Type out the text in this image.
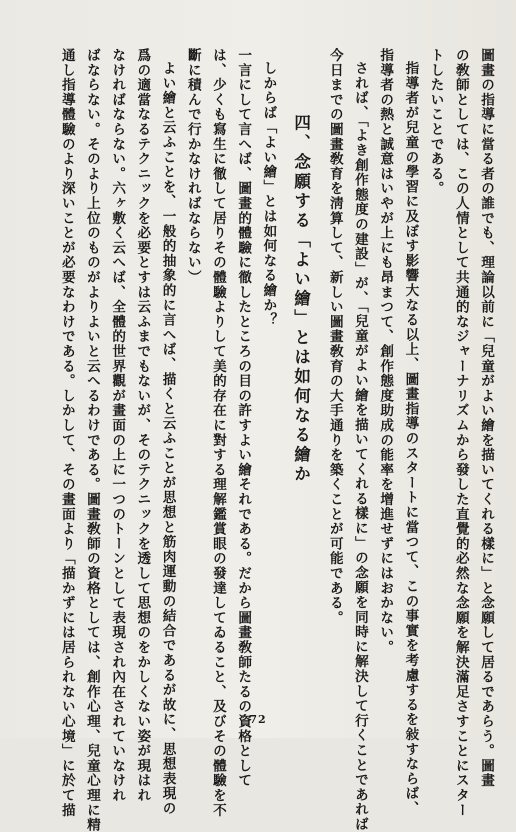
圖畫の指導に當る者の誰でも、理論以前に「兒童がよい繪を描いてくれる樣に」と念願して居るであらう。圖畫
の敎師としては、この人情として共通的なジャーナリズムから發した直覺的必然な念願を解決滿足さすことにスター
トしたいことである。
指導者が兒童の學習に及ぼす影響大なる以上、圖畫指導のスタートに當つて、この事實を考慮するを敍すならば、
指導者の熱と誠意はいやが上にも昂まつて、創作態度助成の能率を增進せずにはおかない。
されば、「よき創作態度の建設」が、「兒童がよい繪を描いてくれる樣に」の念願を同時に解決して行くことであれば
今日までの圖畫敎育を淸算して、新しい圖畫敎育の大手通りを築くことが可能である。
四、念願する「よい繪」とは如何なる繪か
しからば「よい繪」とは如何なる繪か？
一言にして言へば、圖畫的體驗に徹したところの目の許すよい繪それである。だから圖畫敎師たるの資格として
は、少くも寫生に徹して居りその體驗よりして美的存在に對する理解鑑賞眼の發達してゐること、及びその體驗を不
斷に積んで行かなければならない）
よい繪と云ふことを、一般的抽象的に言へば、描くと云ふことが思想と筋肉運動の結合であるが故に、思想表現の
爲の適當なるテクニックを必要とすは云ふまでもないが、そのテクニックを透して思想のをかしくない姿が現はれ
なければならない。六ヶ敷く云へば、全體的世界觀が畫面の上に一つのトーンとして表現され內在されていなけれ
ばならない。そのより上位のものがよりよいと云へるわけである。圖畫敎師の資格としては、創作心理、兒童心理に精
通し指導體驗のより深いことが必要なわけである。しかして、その畫面より「描かずには居られない心境」に於て描	72
